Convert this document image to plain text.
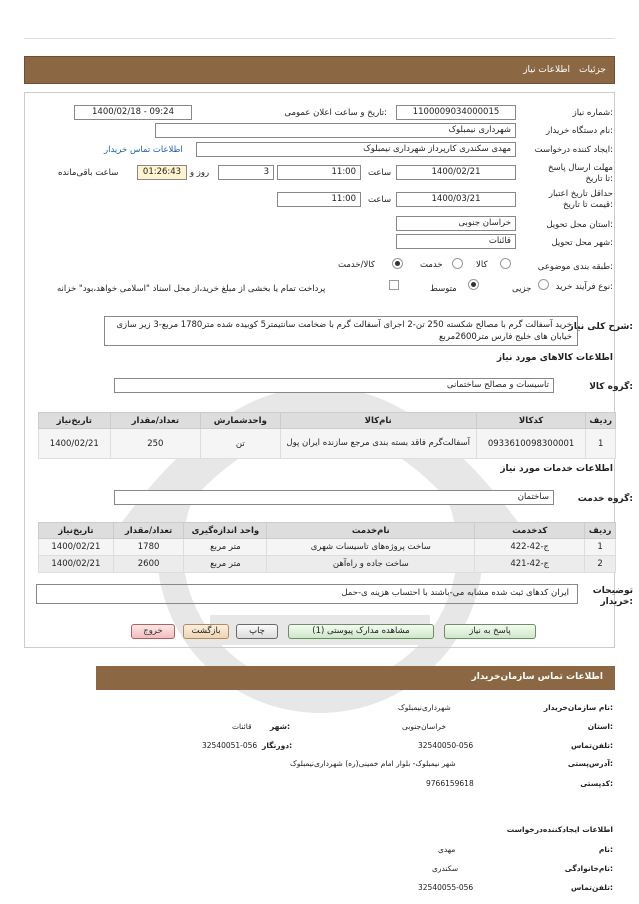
جزئیات
اطلاعات نیاز
شماره نیاز:
1100009034000015
تاریخ و ساعت اعلان عمومی:
1400/02/18 - 09:24
نام دستگاه خریدار:
شهرداری نیمبلوک
ایجاد کننده درخواست:
مهدی سکندری کارپرداز شهرداری نیمبلوک
اطلاعات تماس خریدار
مهلت ارسال پاسخ تا تاریخ:
1400/02/21
ساعت
11:00
3
روز و
01:26:43
ساعت باقی‌مانده
حداقل تاریخ اعتبار قیمت تا تاریخ:
1400/03/21
ساعت
11:00
استان محل تحویل:
خراسان جنوبی
شهر محل تحویل:
قائنات
طبقه بندی موضوعی:
کالا
خدمت
کالا/خدمت
نوع فرآیند خرید:
جزیی
متوسط
پرداخت تمام یا بخشی از مبلغ خرید،از محل اسناد "اسلامی خواهد،بود" خزانه
شرح کلی نیاز:
خرید آسفالت گرم با مصالح شکسته 250 تن-2 اجرای آسفالت گرم با ضخامت سانتیمتر5 کوبیده شده متر1780 مربع-3 زیر سازی خیابان های خلیج فارس متر2600مربع
اطلاعات کالاهای مورد نیاز
گروه کالا:
تاسیسات و مصالح ساختمانی
تاریخ‌نیاز	تعداد/مقدار	واحدشمارش	نام‌کالا	کدکالا	ردیف
1400/02/21	250	تن	آسفالت‌گرم فاقد بسته بندی مرجع سازنده ایران پول	0933610098300001	1
اطلاعات خدمات مورد نیاز
گروه خدمت:
ساختمان
تاریخ‌نیاز	تعداد/مقدار	واحد اندازه‌گیری	نام‌خدمت	کدخدمت	ردیف
1400/02/21	1780	متر مربع	ساخت پروژه‌های تاسیسات شهری	ج-42-422	1
1400/02/21	2600	متر مربع	ساخت جاده و راه‌آهن	ج-42-421	2
توضیحات خریدار:
ایران کدهای ثبت شده مشابه می-باشند با احتساب هزینه ی-حمل
پاسخ به نیاز
مشاهده مدارک پیوستی (1)
چاپ
بازگشت
خروج
اطلاعات تماس سازمان‌خریدار
نام سازمان‌خریدار:
شهرداری‌نیمبلوک
استان:
خراسان‌جنوبی
شهر:
قائنات
تلفن‌تماس:
32540050-056
دورنگار:
32540051-056
آدرس‌پستی:
شهر نیمبلوک- بلوار امام خمینی(ره) شهرداری‌نیمبلوک
کدپستی:
9766159618
اطلاعات ایجادکننده‌درخواست
نام:
مهدی
نام‌خانوادگی:
سکندری
تلفن‌تماس:
32540055-056
